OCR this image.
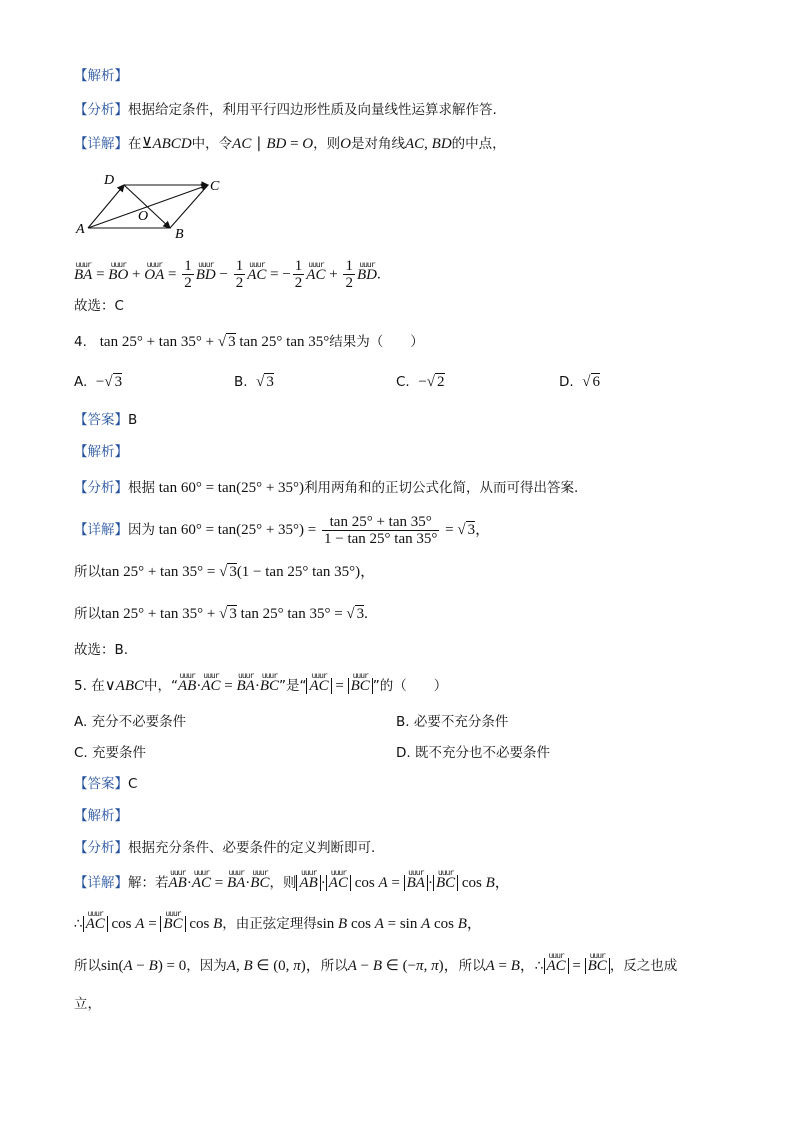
【解析】
【分析】根据给定条件，利用平行四边形性质及向量线性运算求解作答.
【详解】在⊻ABCD中，令AC ∣ BD = O，则O是对角线AC, BD的中点，
A	B
C
D
O
uuur
BA =
uuur
BO +
uuur
OA = $\frac{1}{2}$ uuur
BD − $\frac{1}{2}$ uuur
AC = − $\frac{1}{2}$ uuur
AC + $\frac{1}{2}$ uuur
BD.
故选：C
4. tan 25° + tan 35° + √ 3 tan 25° tan 35°结果为（　　）
A. −√ 3	B. √ 3	C. −√ 2	D. √ 6
【答案】B
【解析】
【分析】根据 tan 60° = tan(25° + 35°)利用两角和的正切公式化简，从而可得出答案.
【详解】因为 $\tan 60^\circ = \tan(25^\circ + 35^\circ) = \frac{\tan 25^\circ + \tan 35^\circ}{1 - \tan 25^\circ \tan 35^\circ}$ = √ 3，
所以tan 25° + tan 35° = √ 3(1 − tan 25° tan 35°)，
所以tan 25° + tan 35° + √ 3 tan 25° tan 35° = √ 3.
故选：B.
5. 在∨ABC中，“
uuur
AB·
uuur
AC =
uuur
BA·
uuur
BC”是“
uuur
AC =
uuur
BC ”的（　　）
A. 充分不必要条件	B. 必要不充分条件
C. 充要条件	D. 既不充分也不必要条件
【答案】C
【解析】
【分析】根据充分条件、必要条件的定义判断即可.
【详解】解：若
uuur
AB·
uuur
AC =
uuur
BA·
uuur
BC，则
uuur
AB ·
uuur
AC cos A =
uuur
BA ·
uuur
BC cos B，
∴
uuur
AC cos A =
uuur
BC cos B，由正弦定理得sin B cos A = sin A cos B，
所以sin(A − B) = 0，因为A, B ∈ (0, π)，所以A − B ∈ (−π, π)，所以A = B，∴
uuur
AC =
uuur
BC ，反之也成
立，
